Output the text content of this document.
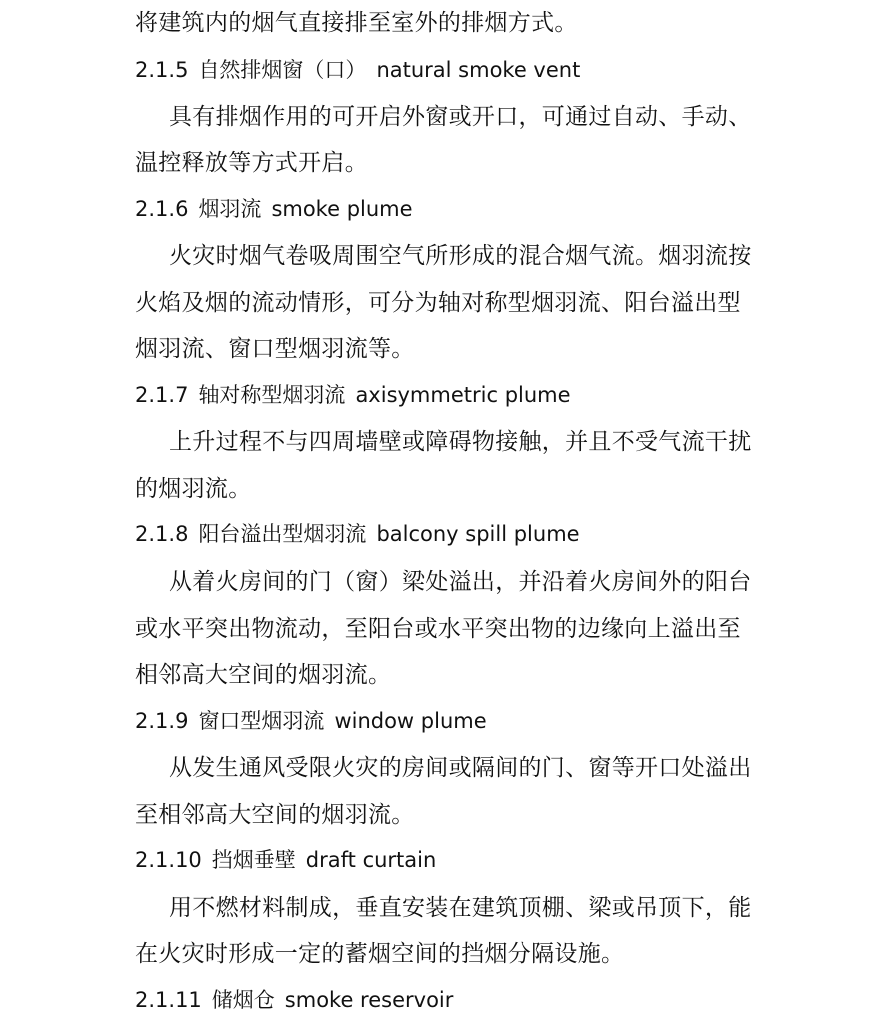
将建筑内的烟气直接排至室外的排烟方式。
2.1.5 自然排烟窗（口） natural smoke vent
具有排烟作用的可开启外窗或开口，可通过自动、手动、
温控释放等方式开启。
2.1.6 烟羽流 smoke plume
火灾时烟气卷吸周围空气所形成的混合烟气流。烟羽流按
火焰及烟的流动情形，可分为轴对称型烟羽流、阳台溢出型
烟羽流、窗口型烟羽流等。
2.1.7 轴对称型烟羽流 axisymmetric plume
上升过程不与四周墙壁或障碍物接触，并且不受气流干扰
的烟羽流。
2.1.8 阳台溢出型烟羽流 balcony spill plume
从着火房间的门（窗）梁处溢出，并沿着火房间外的阳台
或水平突出物流动，至阳台或水平突出物的边缘向上溢出至
相邻高大空间的烟羽流。
2.1.9 窗口型烟羽流 window plume
从发生通风受限火灾的房间或隔间的门、窗等开口处溢出
至相邻高大空间的烟羽流。
2.1.10 挡烟垂壁 draft curtain
用不燃材料制成，垂直安装在建筑顶棚、梁或吊顶下，能
在火灾时形成一定的蓄烟空间的挡烟分隔设施。
2.1.11 储烟仓 smoke reservoir
